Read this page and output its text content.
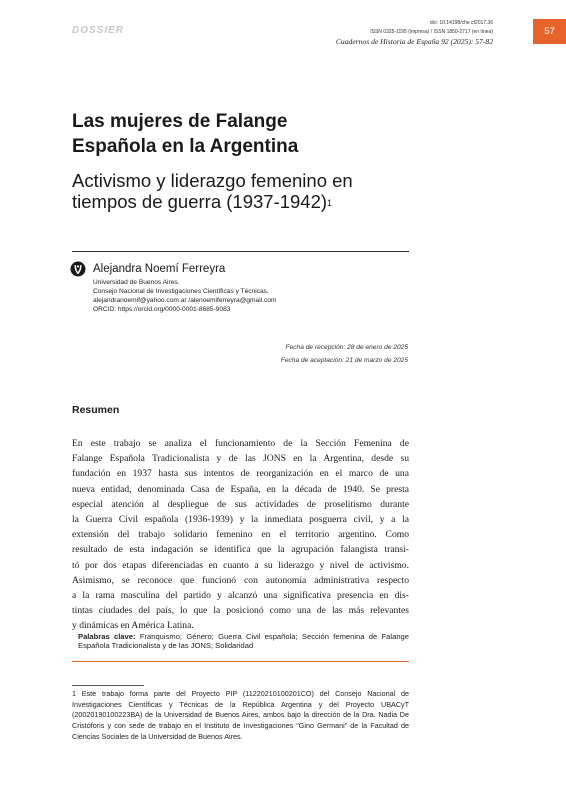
DOSSIER
doi: 10.14198/che.cf2017.36
ISSN 0325-1195 (impresa) / ISSN 1850-2717 (en línea)
Cuadernos de Historia de España 92 (2025): 57-82
57
Las mujeres de Falange
Española en la Argentina
Activismo y liderazgo femenino en
tiempos de guerra (1937-1942)$^1$
Alejandra Noemí Ferreyra
Universidad de Buenos Aires.
Consejo Nacional de Investigaciones Científicas y Técnicas.
alejandranoemif@yahoo.com.ar /alenoemiferreyra@gmail.com
ORCID: https://orcid.org/0000-0001-8685-9083
Fecha de recepción: 28 de enero de 2025
Fecha de aceptación: 21 de marzo de 2025
Resumen
En este trabajo se analiza el funcionamiento de la Sección Femenina de
Falange Española Tradicionalista y de las JONS en la Argentina, desde su
fundación en 1937 hasta sus intentos de reorganización en el marco de una
nueva entidad, denominada Casa de España, en la década de 1940. Se presta
especial atención al despliegue de sus actividades de proselitismo durante
la Guerra Civil española (1936-1939) y la inmediata posguerra civil, y a la
extensión del trabajo solidario femenino en el territorio argentino. Como
resultado de esta indagación se identifica que la agrupación falangista transi-
tó por dos etapas diferenciadas en cuanto a su liderazgo y nivel de activismo.
Asimismo, se reconoce que funcionó con autonomía administrativa respecto
a la rama masculina del partido y alcanzó una significativa presencia en dis-
tintas ciudades del país, lo que la posicionó como una de las más relevantes
y dinámicas en América Latina.
Palabras clave: Franquismo; Género; Guerra Civil española; Sección femenina de Falange Española Tradicionalista y de las JONS; Solidaridad
1 Este trabajo forma parte del Proyecto PIP (11220210100201CO) del Consejo Nacional de Investigaciones Científicas y Técnicas de la República Argentina y del Proyecto UBACyT (20020190100223BA) de la Universidad de Buenos Aires, ambos bajo la dirección de la Dra. Nadia De Cristóforis y con sede de trabajo en el Instituto de Investigaciones “Gino Germani” de la Facultad de Ciencias Sociales de la Universidad de Buenos Aires.
